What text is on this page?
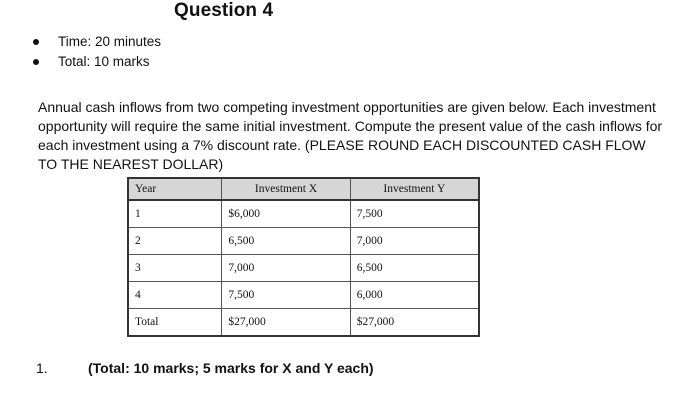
Question 4
Time: 20 minutes
Total: 10 marks

Annual cash inflows from two competing investment opportunities are given below. Each investment opportunity will require the same initial investment. Compute the present value of the cash inflows for each investment using a 7% discount rate. (PLEASE ROUND EACH DISCOUNTED CASH FLOW TO THE NEAREST DOLLAR)

Year	Investment X	Investment Y
1	$6,000	7,500
2	6,500	7,000
3	7,000	6,500
4	7,500	6,000
Total	$27,000	$27,000
1.	(Total: 10 marks; 5 marks for X and Y each)
